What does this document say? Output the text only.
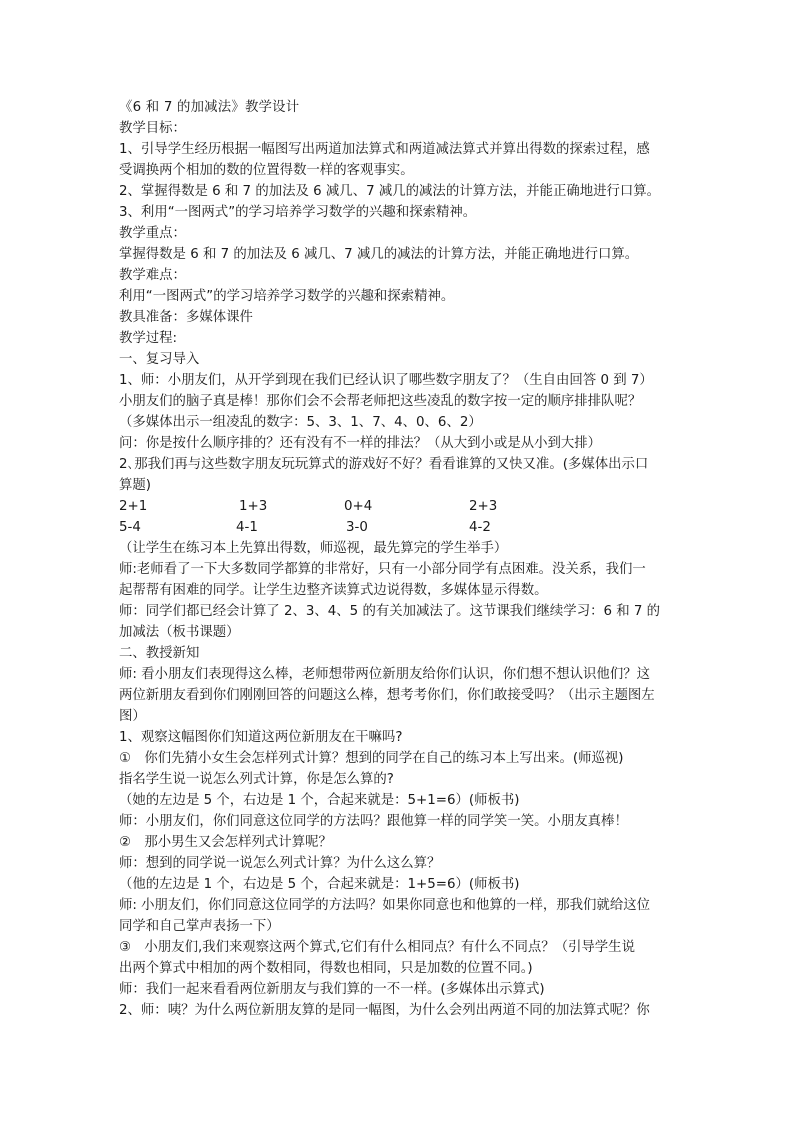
《6 和 7 的加减法》教学设计
教学目标：
1、引导学生经历根据一幅图写出两道加法算式和两道减法算式并算出得数的探索过程，感
受调换两个相加的数的位置得数一样的客观事实。
2、掌握得数是 6 和 7 的加法及 6 减几、7 减几的减法的计算方法，并能正确地进行口算。
3、利用“一图两式”的学习培养学习数学的兴趣和探索精神。
教学重点：
掌握得数是 6 和 7 的加法及 6 减几、7 减几的减法的计算方法，并能正确地进行口算。
教学难点：
利用“一图两式”的学习培养学习数学的兴趣和探索精神。
教具准备：多媒体课件
教学过程:
一、复习导入
1、师：小朋友们，从开学到现在我们已经认识了哪些数字朋友了？（生自由回答 0 到 7）
小朋友们的脑子真是棒！那你们会不会帮老师把这些凌乱的数字按一定的顺序排排队呢？
（多媒体出示一组凌乱的数字：5、3、1、7、4、0、6、2）
问：你是按什么顺序排的？还有没有不一样的排法？（从大到小或是从小到大排）
2､那我们再与这些数字朋友玩玩算式的游戏好不好？看看谁算的又快又准。(多媒体出示口
算题)
2+1	1+3	0+4	2+3
5-4	4-1	3-0	4-2
（让学生在练习本上先算出得数，师巡视，最先算完的学生举手）
师:老师看了一下大多数同学都算的非常好，只有一小部分同学有点困难。没关系，我们一
起帮帮有困难的同学。让学生边整齐读算式边说得数，多媒体显示得数。
师：同学们都已经会计算了 2、3、4、5 的有关加减法了。这节课我们继续学习：6 和 7 的
加减法（板书课题）
二、教授新知
师: 看小朋友们表现得这么棒，老师想带两位新朋友给你们认识，你们想不想认识他们？这
两位新朋友看到你们刚刚回答的问题这么棒，想考考你们，你们敢接受吗？（出示主题图左
图）
1、观察这幅图你们知道这两位新朋友在干嘛吗?
①　你们先猜小女生会怎样列式计算？想到的同学在自己的练习本上写出来。(师巡视)
指名学生说一说怎么列式计算，你是怎么算的?
（她的左边是 5 个，右边是 1 个，合起来就是：5+1=6）(师板书)
师：小朋友们，你们同意这位同学的方法吗？跟他算一样的同学笑一笑。小朋友真棒！
②　那小男生又会怎样列式计算呢？
师：想到的同学说一说怎么列式计算？为什么这么算？
（他的左边是 1 个，右边是 5 个，合起来就是：1+5=6）(师板书)
师: 小朋友们，你们同意这位同学的方法吗？如果你同意也和他算的一样，那我们就给这位
同学和自己掌声表扬一下）
③　小朋友们,我们来观察这两个算式,它们有什么相同点？有什么不同点？（引导学生说
出两个算式中相加的两个数相同，得数也相同，只是加数的位置不同。)
师：我们一起来看看两位新朋友与我们算的一不一样。(多媒体出示算式)
2、师：咦？为什么两位新朋友算的是同一幅图，为什么会列出两道不同的加法算式呢？你
